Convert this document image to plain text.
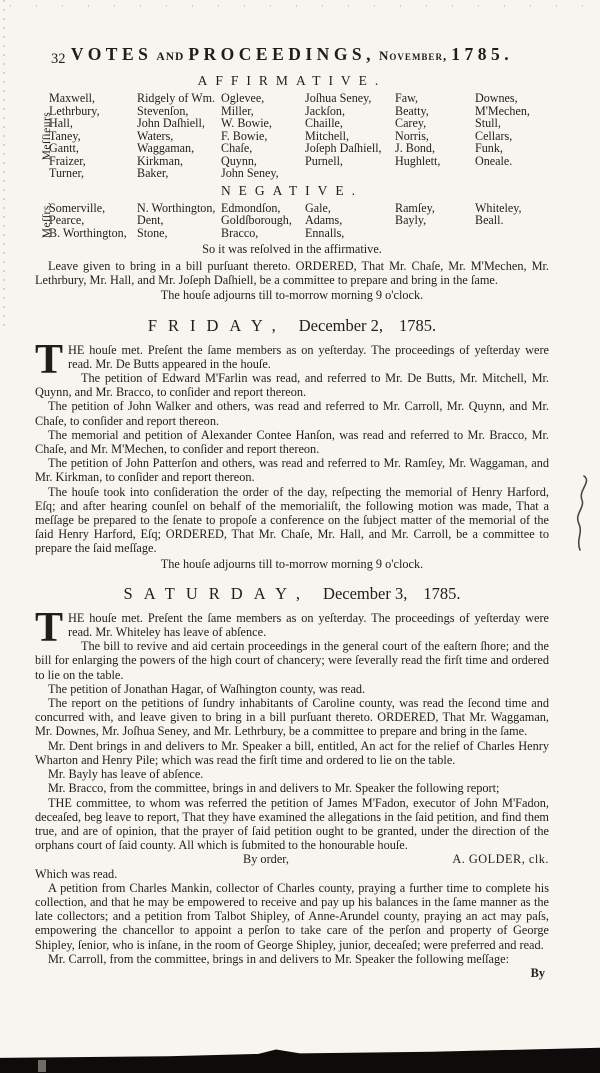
32 VOTES AND PROCEEDINGS, November, 1785.
AFFIRMATIVE.
Meſſieurs
Maxwell,
Lethrbury,
Hall,
Taney,
Gantt,
Fraizer,
Turner,
Ridgely of Wm.
Stevenſon,
John Daſhiell,
Waters,
Waggaman,
Kirkman,
Baker,
Oglevee,
Miller,
W. Bowie,
F. Bowie,
Chaſe,
Quynn,
John Seney,
Joſhua Seney,
Jackſon,
Chaille,
Mitchell,
Joſeph Daſhiell,
Purnell,
Faw,
Beatty,
Carey,
Norris,
J. Bond,
Hughlett,
Downes,
M'Mechen,
Stull,
Cellars,
Funk,
Oneale.
NEGATIVE.
Meſſrs.
Somerville,
Pearce,
B. Worthington,
N. Worthington,
Dent,
Stone,
Edmondſon,
Goldſborough,
Bracco,
Gale,
Adams,
Ennalls,
Ramſey,
Bayly,
Whiteley,
Beall.
So it was reſolved in the affirmative.

Leave given to bring in a bill purſuant thereto. ORDERED, That Mr. Chaſe, Mr. M'Mechen, Mr. Lethrbury, Mr. Hall, and Mr. Joſeph Daſhiell, be a committee to prepare and bring in the ſame.

The houſe adjourns till to-morrow morning 9 o'clock.

FRIDAY, December 2, 1785.

THE houſe met. Preſent the ſame members as on yeſterday. The proceedings of yeſterday were read. Mr. De Butts appeared in the houſe.

The petition of Edward M'Farlin was read, and referred to Mr. De Butts, Mr. Mitchell, Mr. Quynn, and Mr. Bracco, to conſider and report thereon.

The petition of John Walker and others, was read and referred to Mr. Carroll, Mr. Quynn, and Mr. Chaſe, to conſider and report thereon.

The memorial and petition of Alexander Contee Hanſon, was read and referred to Mr. Bracco, Mr. Chaſe, and Mr. M'Mechen, to conſider and report thereon.

The petition of John Patterſon and others, was read and referred to Mr. Ramſey, Mr. Waggaman, and Mr. Kirkman, to conſider and report thereon.

The houſe took into conſideration the order of the day, reſpecting the memorial of Henry Harford, Eſq; and after hearing counſel on behalf of the memorialiſt, the following motion was made, That a meſſage be prepared to the ſenate to propoſe a conference on the ſubject matter of the memorial of the ſaid Henry Harford, Eſq; ORDERED, That Mr. Chaſe, Mr. Hall, and Mr. Carroll, be a committee to prepare the ſaid meſſage.

The houſe adjourns till to-morrow morning 9 o'clock.

SATURDAY, December 3, 1785.

THE houſe met. Preſent the ſame members as on yeſterday. The proceedings of yeſterday were read. Mr. Whiteley has leave of abſence.

The bill to revive and aid certain proceedings in the general court of the eaſtern ſhore; and the bill for enlarging the powers of the high court of chancery; were ſeverally read the firſt time and ordered to lie on the table.

The petition of Jonathan Hagar, of Waſhington county, was read.

The report on the petitions of ſundry inhabitants of Caroline county, was read the ſecond time and concurred with, and leave given to bring in a bill purſuant thereto. ORDERED, That Mr. Waggaman, Mr. Downes, Mr. Joſhua Seney, and Mr. Lethrbury, be a committee to prepare and bring in the ſame.

Mr. Dent brings in and delivers to Mr. Speaker a bill, entitled, An act for the relief of Charles Henry Wharton and Henry Pile; which was read the firſt time and ordered to lie on the table.

Mr. Bayly has leave of abſence.

Mr. Bracco, from the committee, brings in and delivers to Mr. Speaker the following report;

THE committee, to whom was referred the petition of James M'Fadon, executor of John M'Fadon, deceaſed, beg leave to report, That they have examined the allegations in the ſaid petition, and find them true, and are of opinion, that the prayer of ſaid petition ought to be granted, under the direction of the orphans court of ſaid county. All which is ſubmited to the honourable houſe.

By order,	A. GOLDER, clk.

Which was read.

A petition from Charles Mankin, collector of Charles county, praying a further time to complete his collection, and that he may be empowered to receive and pay up his balances in the ſame manner as the late collectors; and a petition from Talbot Shipley, of Anne-Arundel county, praying an act may paſs, empowering the chancellor to appoint a perſon to take care of the perſon and property of George Shipley, ſenior, who is inſane, in the room of George Shipley, junior, deceaſed; were preferred and read.

Mr. Carroll, from the committee, brings in and delivers to Mr. Speaker the following meſſage:

By
